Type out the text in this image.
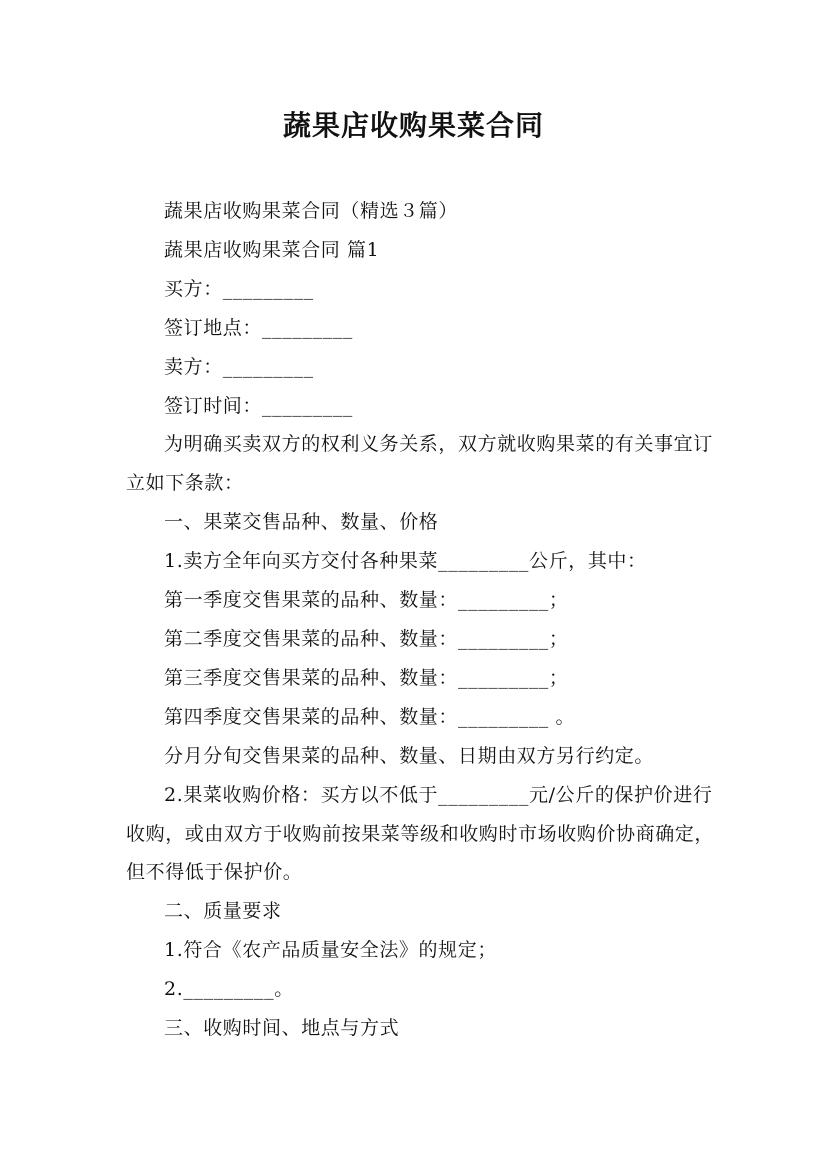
蔬果店收购果菜合同

蔬果店收购果菜合同（精选３篇）

蔬果店收购果菜合同 篇1

买方：_________

签订地点：_________

卖方：_________

签订时间：_________

为明确买卖双方的权利义务关系，双方就收购果菜的有关事宜订立如下条款：

一、果菜交售品种、数量、价格

1.卖方全年向买方交付各种果菜_________公斤，其中：

第一季度交售果菜的品种、数量：_________；

第二季度交售果菜的品种、数量：_________；

第三季度交售果菜的品种、数量：_________；

第四季度交售果菜的品种、数量：_________ 。

分月分旬交售果菜的品种、数量、日期由双方另行约定。

2.果菜收购价格：买方以不低于_________元/公斤的保护价进行收购，或由双方于收购前按果菜等级和收购时市场收购价协商确定，但不得低于保护价。

二、质量要求

1.符合《农产品质量安全法》的规定；

2._________。

三、收购时间、地点与方式
